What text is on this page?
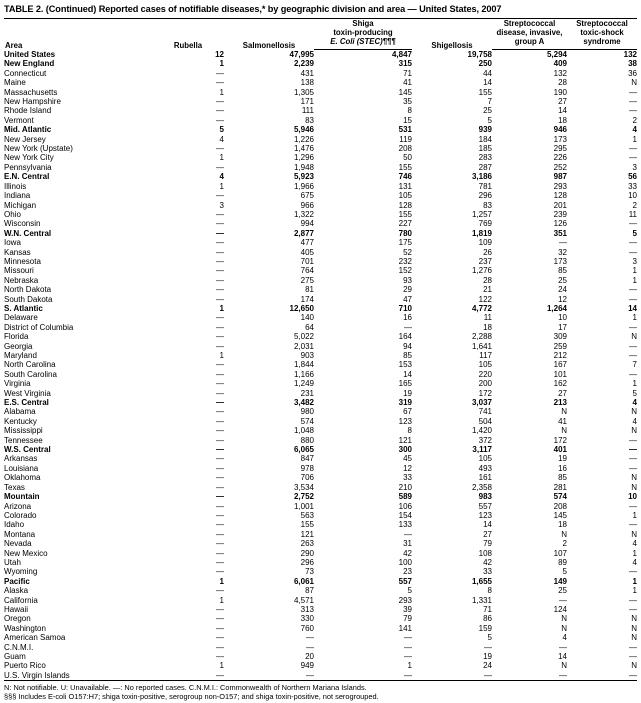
TABLE 2. (Continued) Reported cases of notifiable diseases,* by geographic division and area — United States, 2007
Area	Rubella	Salmonellosis	Shiga	Shigellosis	Streptococcal	Streptococcal
			toxin-producing		disease, invasive,	toxic-shock
			E. Coli (STEC)¶¶¶		group A	syndrome

United States	12	47,995	4,847	19,758	5,294	132
New England	1	2,239	315	250	409	38
Connecticut	—	431	71	44	132	36
Maine	—	138	41	14	28	N
Massachusetts	1	1,305	145	155	190	—
New Hampshire	—	171	35	7	27	—
Rhode Island	—	111	8	25	14	—
Vermont	—	83	15	5	18	2
Mid. Atlantic	5	5,946	531	939	946	4
New Jersey	4	1,226	119	184	173	1
New York (Upstate)	—	1,476	208	185	295	—
New York City	1	1,296	50	283	226	—
Pennsylvania	—	1,948	155	287	252	3
E.N. Central	4	5,923	746	3,186	987	56
Illinois	1	1,966	131	781	293	33
Indiana	—	675	105	296	128	10
Michigan	3	966	128	83	201	2
Ohio	—	1,322	155	1,257	239	11
Wisconsin	—	994	227	769	126	—
W.N. Central	—	2,877	780	1,819	351	5
Iowa	—	477	175	109	—	—
Kansas	—	405	52	26	32	—
Minnesota	—	701	232	237	173	3
Missouri	—	764	152	1,276	85	1
Nebraska	—	275	93	28	25	1
North Dakota	—	81	29	21	24	—
South Dakota	—	174	47	122	12	—
S. Atlantic	1	12,650	710	4,772	1,264	14
Delaware	—	140	16	11	10	1
District of Columbia	—	64	—	18	17	—
Florida	—	5,022	164	2,288	309	N
Georgia	—	2,031	94	1,641	259	—
Maryland	1	903	85	117	212	—
North Carolina	—	1,844	153	105	167	7
South Carolina	—	1,166	14	220	101	—
Virginia	—	1,249	165	200	162	1
West Virginia	—	231	19	172	27	5
E.S. Central	—	3,482	319	3,037	213	4
Alabama	—	980	67	741	N	N
Kentucky	—	574	123	504	41	4
Mississippi	—	1,048	8	1,420	N	N
Tennessee	—	880	121	372	172	—
W.S. Central	—	6,065	300	3,117	401	—
Arkansas	—	847	45	105	19	—
Louisiana	—	978	12	493	16	—
Oklahoma	—	706	33	161	85	N
Texas	—	3,534	210	2,358	281	N
Mountain	—	2,752	589	983	574	10
Arizona	—	1,001	106	557	208	—
Colorado	—	563	154	123	145	1
Idaho	—	155	133	14	18	—
Montana	—	121	—	27	N	N
Nevada	—	263	31	79	2	4
New Mexico	—	290	42	108	107	1
Utah	—	296	100	42	89	4
Wyoming	—	73	23	33	5	—
Pacific	1	6,061	557	1,655	149	1
Alaska	—	87	5	8	25	1
California	1	4,571	293	1,331	—	—
Hawaii	—	313	39	71	124	—
Oregon	—	330	79	86	N	N
Washington	—	760	141	159	N	N
American Samoa	—	—	—	5	4	N
C.N.M.I.	—	—	—	—	—	—
Guam	—	20	—	19	14	—
Puerto Rico	1	949	1	24	N	N
U.S. Virgin Islands	—	—	—	—	—	—
N: Not notifiable. U: Unavailable. —: No reported cases. C.N.M.I.: Commonwealth of Northern Mariana Islands.
§§§ Includes E-coli O157:H7; shiga toxin-positive, serogroup non-O157; and shiga toxin-positive, not serogrouped.
